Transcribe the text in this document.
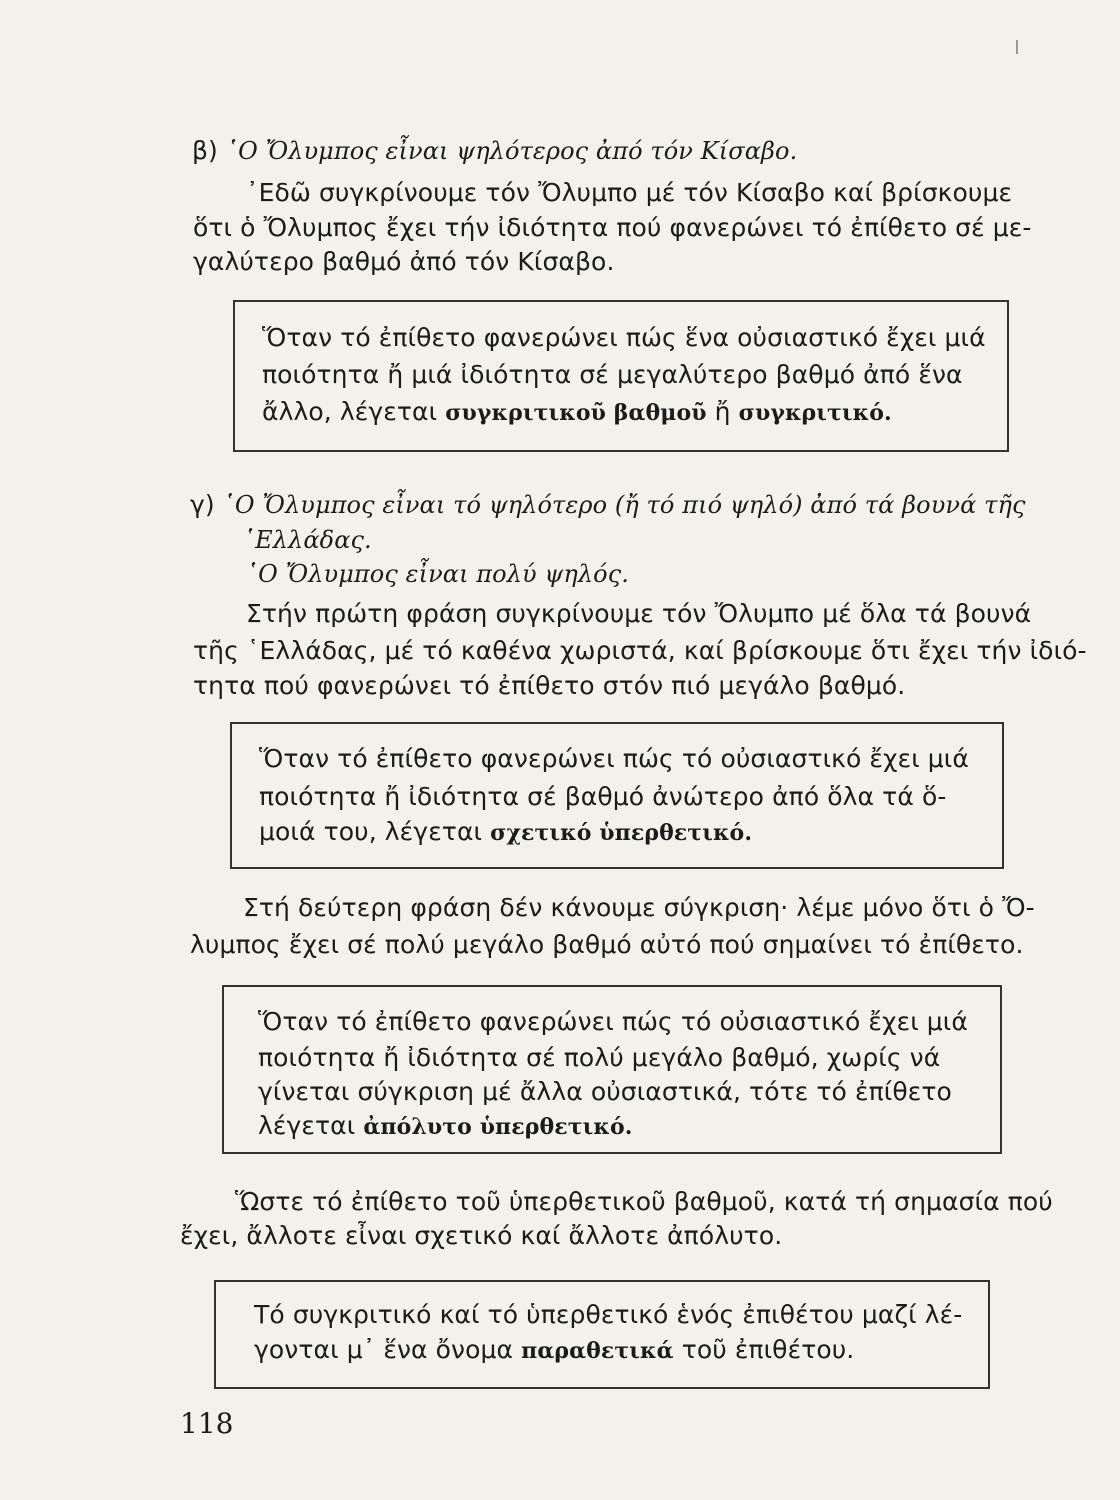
β) ῾Ο Ὄλυμπος εἶναι ψηλότερος ἀπό τόν Κίσαβο.
᾿Εδῶ συγκρίνουμε τόν Ὄλυμπο μέ τόν Κίσαβο καί βρίσκουμε
ὅτι ὁ Ὄλυμπος ἔχει τήν ἰδιότητα πού φανερώνει τό ἐπίθετο σέ με-
γαλύτερο βαθμό ἀπό τόν Κίσαβο.
Ὅταν τό ἐπίθετο φανερώνει πώς ἕνα οὐσιαστικό ἔχει μιά
ποιότητα ἤ μιά ἰδιότητα σέ μεγαλύτερο βαθμό ἀπό ἕνα
ἄλλο, λέγεται συγκριτικοῦ βαθμοῦ ἤ συγκριτικό.
γ) ῾Ο Ὄλυμπος εἶναι τό ψηλότερο (ἤ τό πιό ψηλό) ἀπό τά βουνά τῆς
῾Ελλάδας.
῾Ο Ὄλυμπος εἶναι πολύ ψηλός.
Στήν πρώτη φράση συγκρίνουμε τόν Ὄλυμπο μέ ὅλα τά βουνά
τῆς ῾Ελλάδας, μέ τό καθένα χωριστά, καί βρίσκουμε ὅτι ἔχει τήν ἰδιό-
τητα πού φανερώνει τό ἐπίθετο στόν πιό μεγάλο βαθμό.
Ὅταν τό ἐπίθετο φανερώνει πώς τό οὐσιαστικό ἔχει μιά
ποιότητα ἤ ἰδιότητα σέ βαθμό ἀνώτερο ἀπό ὅλα τά ὅ-
μοιά του, λέγεται σχετικό ὑπερθετικό.
Στή δεύτερη φράση δέν κάνουμε σύγκριση· λέμε μόνο ὅτι ὁ Ὄ-
λυμπος ἔχει σέ πολύ μεγάλο βαθμό αὐτό πού σημαίνει τό ἐπίθετο.
Ὅταν τό ἐπίθετο φανερώνει πώς τό οὐσιαστικό ἔχει μιά
ποιότητα ἤ ἰδιότητα σέ πολύ μεγάλο βαθμό, χωρίς νά
γίνεται σύγκριση μέ ἄλλα οὐσιαστικά, τότε τό ἐπίθετο
λέγεται ἀπόλυτο ὑπερθετικό.
Ὥστε τό ἐπίθετο τοῦ ὑπερθετικοῦ βαθμοῦ, κατά τή σημασία πού
ἔχει, ἄλλοτε εἶναι σχετικό καί ἄλλοτε ἀπόλυτο.
Τό συγκριτικό καί τό ὑπερθετικό ἑνός ἐπιθέτου μαζί λέ-
γονται μ᾿ ἕνα ὄνομα παραθετικά τοῦ ἐπιθέτου.
118
